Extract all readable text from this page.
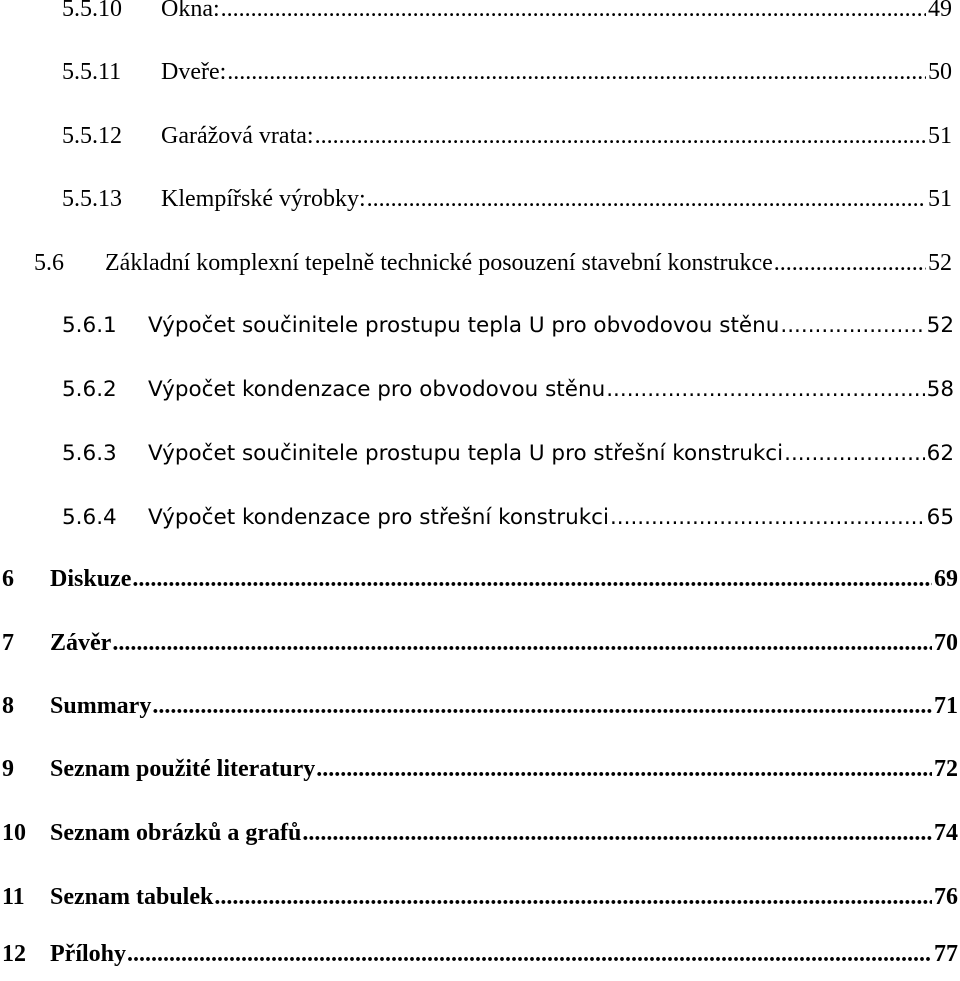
5.5.10	Okna: .....	49
5.5.11	Dveře: .....	50
5.5.12	Garážová vrata: .....	51
5.5.13	Klempířské výrobky: .....	51
5.6	Základní komplexní tepelně technické posouzení stavební konstrukce .....	52
5.6.1	Výpočet součinitele prostupu tepla U pro obvodovou stěnu .....	52
5.6.2	Výpočet kondenzace pro obvodovou stěnu .....	58
5.6.3	Výpočet součinitele prostupu tepla U pro střešní konstrukci .....	62
5.6.4	Výpočet kondenzace pro střešní konstrukci .....	65
6	Diskuze .....	69
7	Závěr .....	70
8	Summary .....	71
9	Seznam použité literatury .....	72
10	Seznam obrázků a grafů .....	74
11	Seznam tabulek .....	76
12	Přílohy .....	77
